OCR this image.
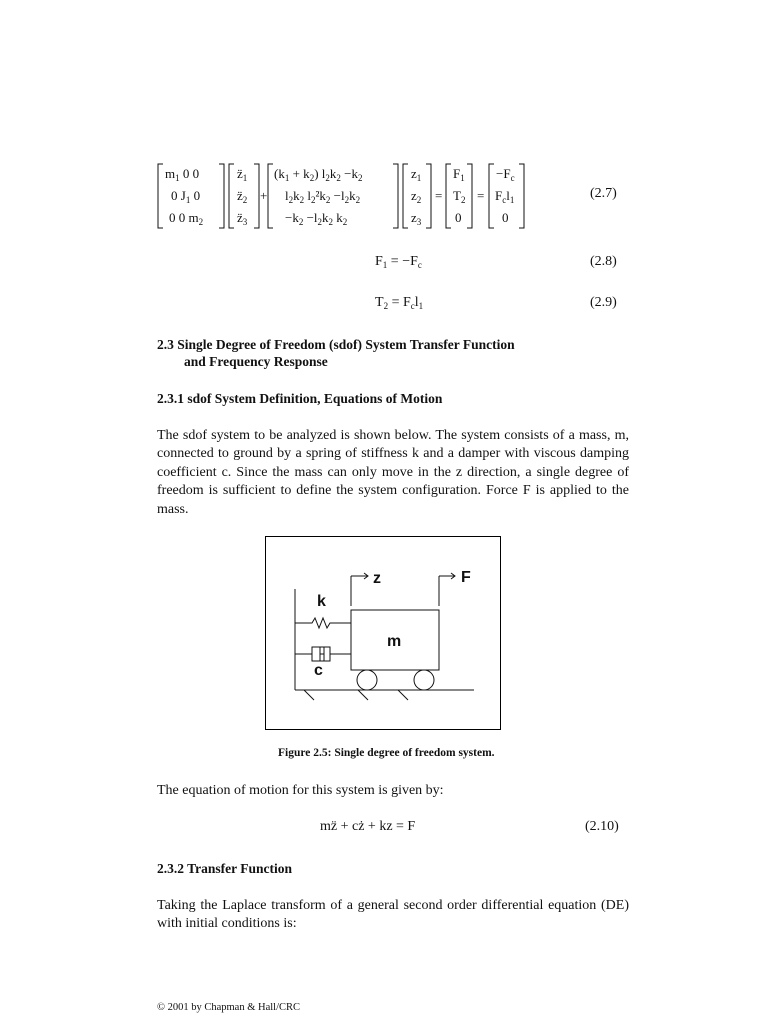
$m_1$ 0 0
0 $J_1$ 0
0 0 $m_2$
$z̈_1$
$z̈_2$
$z̈_3$
+
$(k_1 + k_2)$ $l_2k_2 -k_2$
$l_2k_2$ $l_2^2k_2 -l_2k_2$
$-k_2 -l_2k_2$ $k_2$
$z_1$
$z_2$
$z_3$
=
$F_1$
$T_2$
0
=
$-F_c$
$F_cl_1$
0
(2.7)
$F_1 = -F_c$	(2.8)
$T_2 = F_cl_1$	(2.9)
2.3 Single Degree of Freedom (sdof) System Transfer Function
and Frequency Response
2.3.1 sdof System Definition, Equations of Motion
The sdof system to be analyzed is shown below. The system consists of a mass, m, connected to ground by a spring of stiffness k and a damper with viscous damping coefficient c. Since the mass can only move in the z direction, a single degree of freedom is sufficient to define the system configuration. Force F is applied to the mass.
z	F
k
m
c
Figure 2.5: Single degree of freedom system.
The equation of motion for this system is given by:
mz̈ + cż + kz = F	(2.10)
2.3.2 Transfer Function
Taking the Laplace transform of a general second order differential equation (DE) with initial conditions is:
© 2001 by Chapman & Hall/CRC
